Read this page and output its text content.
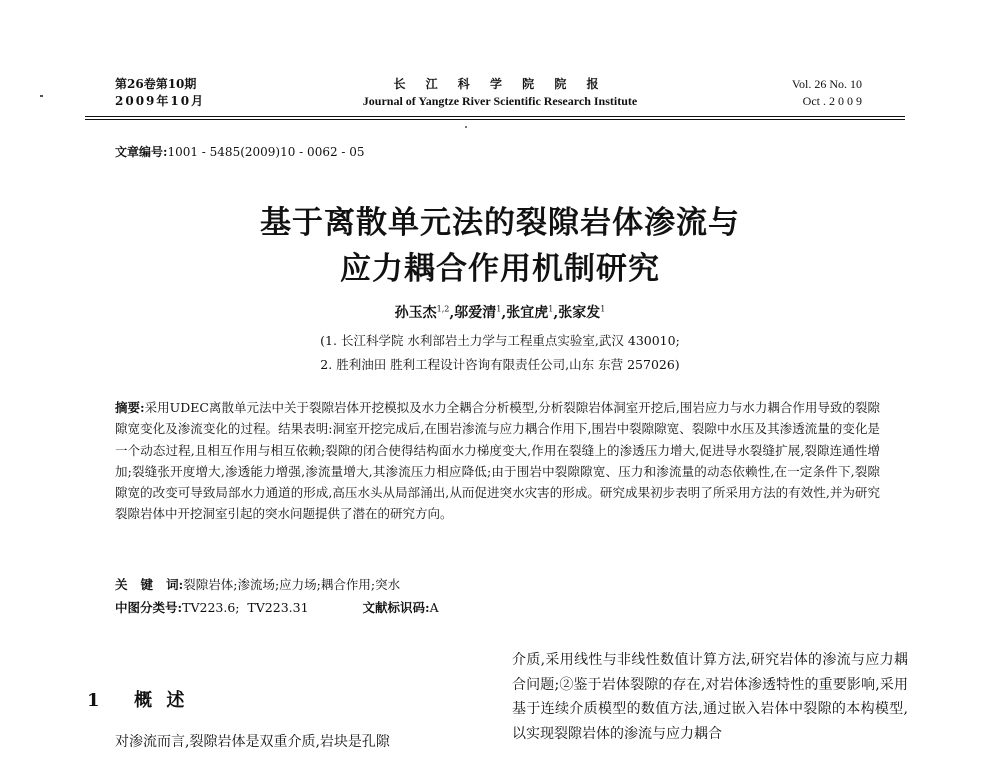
第26卷第10期
2009年10月
长 江 科 学 院 院 报
Journal of Yangtze River Scientific Research Institute
Vol. 26 No. 10
Oct . 2 0 0 9
文章编号:1001 - 5485(2009)10 - 0062 - 05
基于离散单元法的裂隙岩体渗流与
应力耦合作用机制研究
孙玉杰$^{1,2}$,邬爱清$^1$,张宜虎$^1$,张家发$^1$
(1. 长江科学院 水利部岩土力学与工程重点实验室,武汉 430010;
2. 胜利油田 胜利工程设计咨询有限责任公司,山东 东营 257026)
摘要:采用UDEC离散单元法中关于裂隙岩体开挖模拟及水力全耦合分析模型,分析裂隙岩体洞室开挖后,围岩应力与水力耦合作用导致的裂隙隙宽变化及渗流变化的过程。结果表明:洞室开挖完成后,在围岩渗流与应力耦合作用下,围岩中裂隙隙宽、裂隙中水压及其渗透流量的变化是一个动态过程,且相互作用与相互依赖;裂隙的闭合使得结构面水力梯度变大,作用在裂缝上的渗透压力增大,促进导水裂缝扩展,裂隙连通性增加;裂缝张开度增大,渗透能力增强,渗流量增大,其渗流压力相应降低;由于围岩中裂隙隙宽、压力和渗流量的动态依赖性,在一定条件下,裂隙隙宽的改变可导致局部水力通道的形成,高压水头从局部涌出,从而促进突水灾害的形成。研究成果初步表明了所采用方法的有效性,并为研究裂隙岩体中开挖洞室引起的突水问题提供了潜在的研究方向。
关   键   词:裂隙岩体;渗流场;应力场;耦合作用;突水
中图分类号:TV223.6;  TV223.31	文献标识码:A
1 概 述
对渗流而言,裂隙岩体是双重介质,岩块是孔隙
介质,采用线性与非线性数值计算方法,研究岩体的渗流与应力耦合问题;②鉴于岩体裂隙的存在,对岩体渗透特性的重要影响,采用基于连续介质模型的数值方法,通过嵌入岩体中裂隙的本构模型,以实现裂隙岩体的渗流与应力耦合
